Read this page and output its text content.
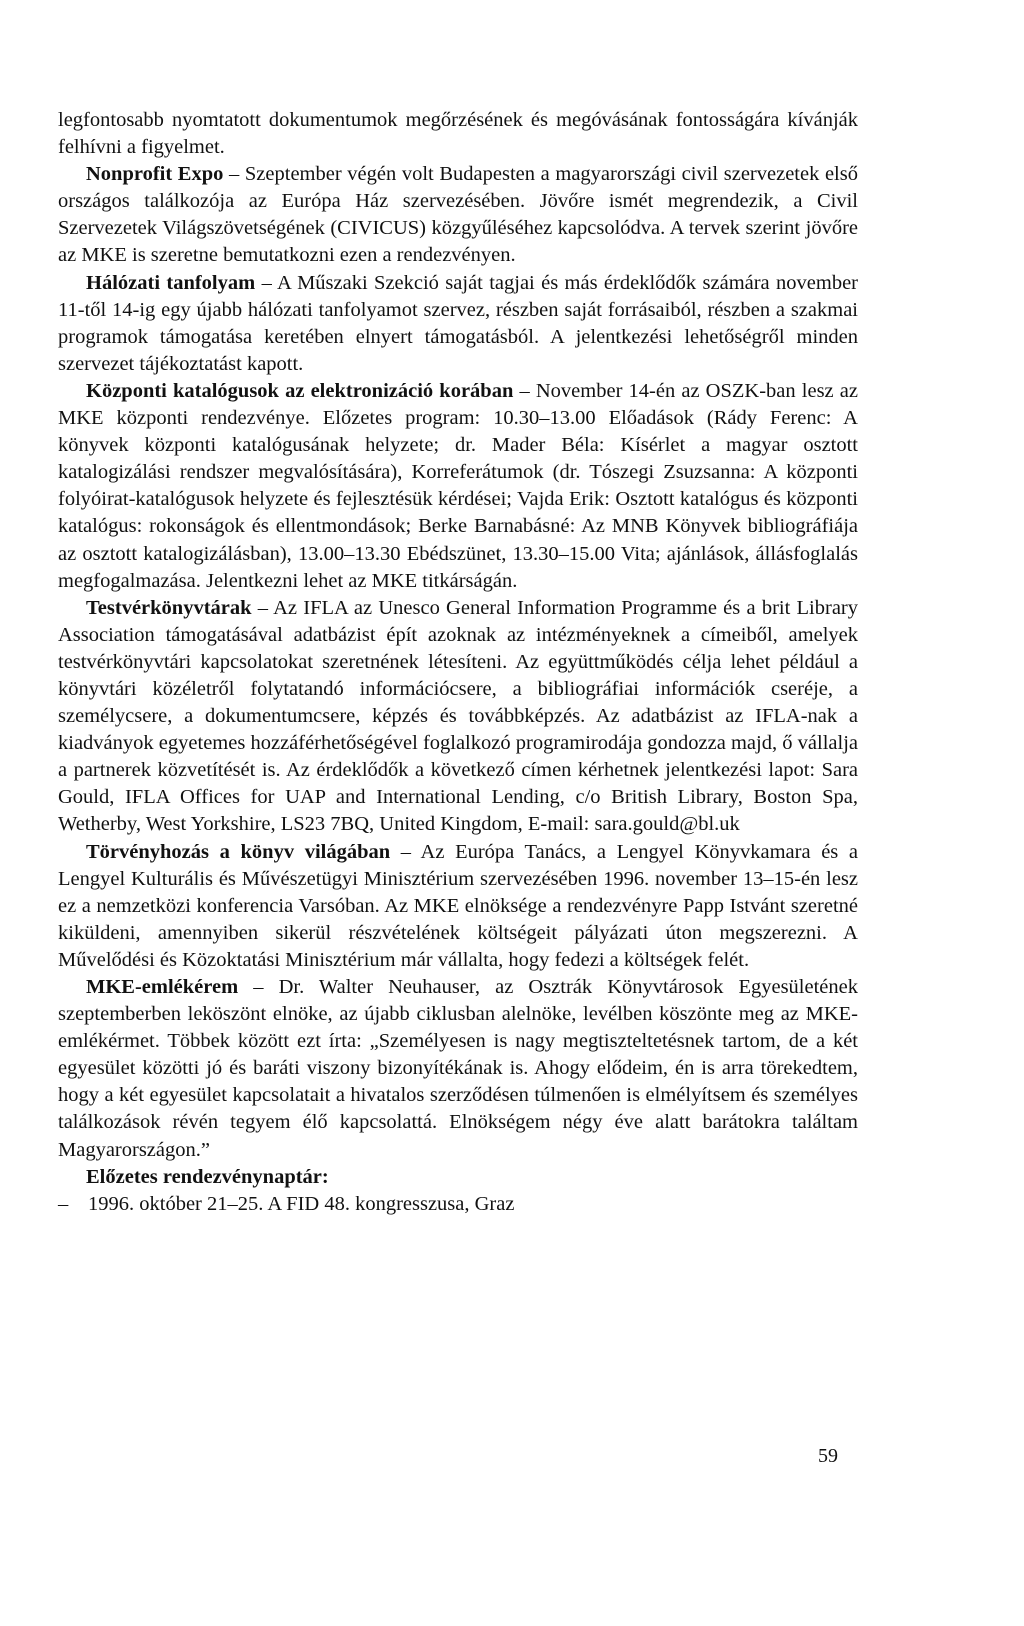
legfontosabb nyomtatott dokumentumok megőrzésének és megóvásának fontosságára kívánják felhívni a figyelmet.

Nonprofit Expo – Szeptember végén volt Budapesten a magyarországi civil szervezetek első országos találkozója az Európa Ház szervezésében. Jövőre ismét megrendezik, a Civil Szervezetek Világszövetségének (CIVICUS) közgyűléséhez kapcsolódva. A tervek szerint jövőre az MKE is szeretne bemutatkozni ezen a rendezvényen.

Hálózati tanfolyam – A Műszaki Szekció saját tagjai és más érdeklődők számára november 11-től 14-ig egy újabb hálózati tanfolyamot szervez, részben saját forrásaiból, részben a szakmai programok támogatása keretében elnyert támogatásból. A jelentkezési lehetőségről minden szervezet tájékoztatást kapott.

Központi katalógusok az elektronizáció korában – November 14-én az OSZK-ban lesz az MKE központi rendezvénye. Előzetes program: 10.30–13.00 Előadások (Rády Ferenc: A könyvek központi katalógusának helyzete; dr. Mader Béla: Kísérlet a magyar osztott katalogizálási rendszer megvalósítására), Korreferátumok (dr. Tószegi Zsuzsanna: A központi folyóirat-katalógusok helyzete és fejlesztésük kérdései; Vajda Erik: Osztott katalógus és központi katalógus: rokonságok és ellentmondások; Berke Barnabásné: Az MNB Könyvek bibliográfiája az osztott katalogizálásban), 13.00–13.30 Ebédszünet, 13.30–15.00 Vita; ajánlások, állásfoglalás megfogalmazása. Jelentkezni lehet az MKE titkárságán.

Testvérkönyvtárak – Az IFLA az Unesco General Information Programme és a brit Library Association támogatásával adatbázist épít azoknak az intézményeknek a címeiből, amelyek testvérkönyvtári kapcsolatokat szeretnének létesíteni. Az együttműködés célja lehet például a könyvtári közéletről folytatandó információcsere, a bibliográfiai információk cseréje, a személycsere, a dokumentumcsere, képzés és továbbképzés. Az adatbázist az IFLA-nak a kiadványok egyetemes hozzáférhetőségével foglalkozó programirodája gondozza majd, ő vállalja a partnerek közvetítését is. Az érdeklődők a következő címen kérhetnek jelentkezési lapot: Sara Gould, IFLA Offices for UAP and International Lending, c/o British Library, Boston Spa, Wetherby, West Yorkshire, LS23 7BQ, United Kingdom, E-mail: sara.gould@bl.uk

Törvényhozás a könyv világában – Az Európa Tanács, a Lengyel Könyvkamara és a Lengyel Kulturális és Művészetügyi Minisztérium szervezésében 1996. november 13–15-én lesz ez a nemzetközi konferencia Varsóban. Az MKE elnöksége a rendezvényre Papp Istvánt szeretné kiküldeni, amennyiben sikerül részvételének költségeit pályázati úton megszerezni. A Művelődési és Közoktatási Minisztérium már vállalta, hogy fedezi a költségek felét.

MKE-emlékérem – Dr. Walter Neuhauser, az Osztrák Könyvtárosok Egyesületének szeptemberben leköszönt elnöke, az újabb ciklusban alelnöke, levélben köszönte meg az MKE-emlékérmet. Többek között ezt írta: „Személyesen is nagy megtiszteltetésnek tartom, de a két egyesület közötti jó és baráti viszony bizonyítékának is. Ahogy elődeim, én is arra törekedtem, hogy a két egyesület kapcsolatait a hivatalos szerződésen túlmenően is elmélyítsem és személyes találkozások révén tegyem élő kapcsolattá. Elnökségem négy éve alatt barátokra találtam Magyarországon.”

Előzetes rendezvénynaptár:

– 1996. október 21–25. A FID 48. kongresszusa, Graz
59
